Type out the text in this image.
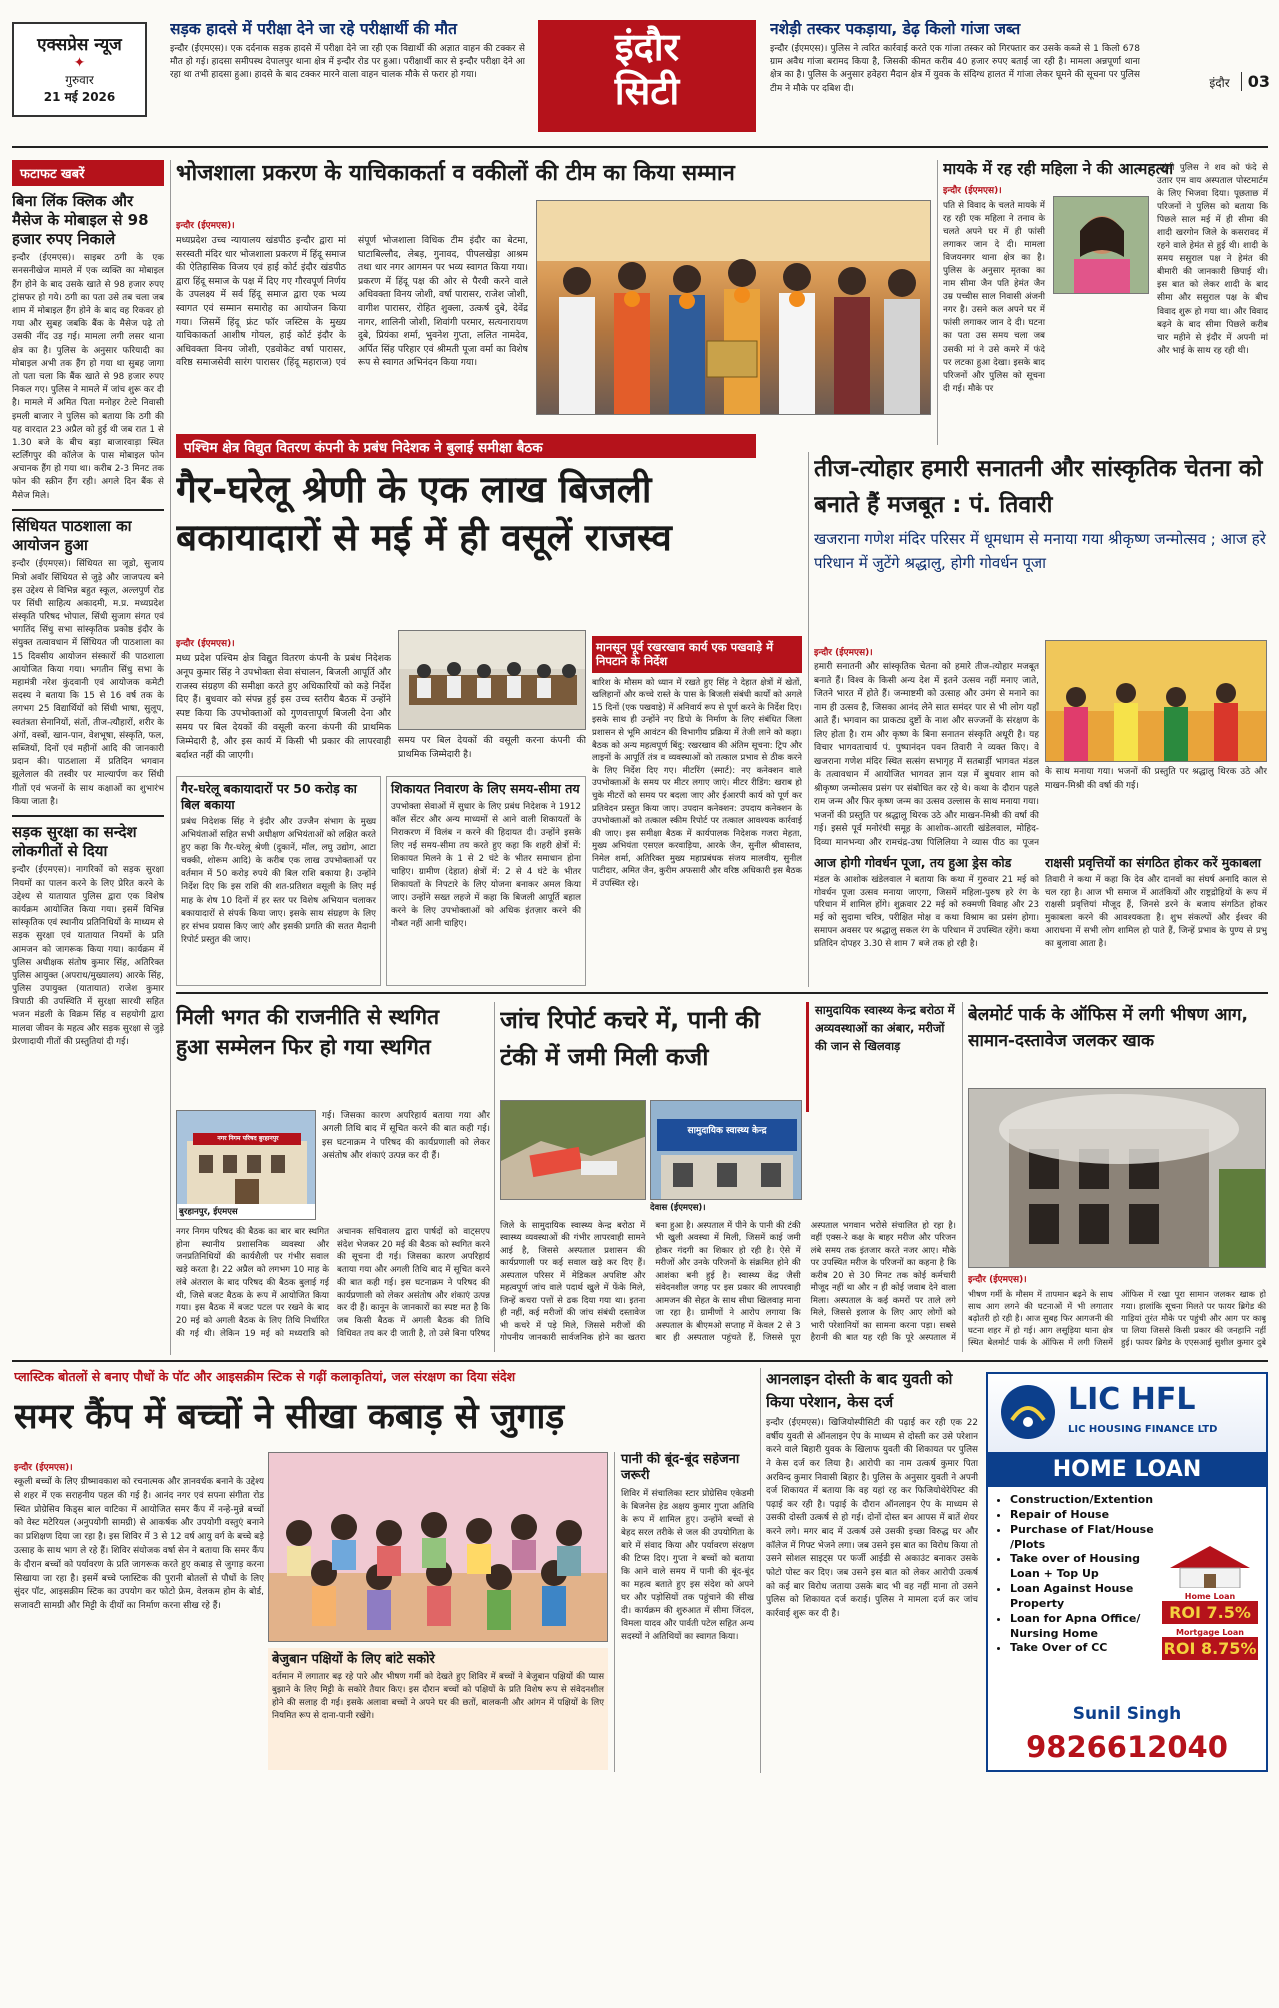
एक्सप्रेस न्यूज
✦
गुरुवार
21 मई 2026
सड़क हादसे में परीक्षा देने जा रहे परीक्षार्थी की मौत
इन्दौर (ईएमएस)। एक दर्दनाक सड़क हादसे में परीक्षा देने जा रही एक विद्यार्थी की अज्ञात वाहन की टक्कर से मौत हो गई। हादसा समीपस्थ देपालपुर थाना क्षेत्र में इन्दौर रोड पर हुआ। परीक्षार्थी कार से इन्दौर परीक्षा देने आ रहा था तभी हादसा हुआ। हादसे के बाद टक्कर मारने वाला वाहन चालक मौके से फरार हो गया।
इंदौर
सिटी
नशेड़ी तस्कर पकड़ाया, डेढ़ किलो गांजा जब्त
इन्दौर (ईएमएस)। पुलिस ने त्वरित कार्रवाई करते एक गांजा तस्कर को गिरफ्तार कर उसके कब्जे से 1 किलो 678 ग्राम अवैध गांजा बरामद किया है, जिसकी कीमत करीब 40 हजार रुपए बताई जा रही है। मामला अन्नपूर्णा थाना क्षेत्र का है। पुलिस के अनुसार हवेहरा मैदान क्षेत्र में युवक के संदिग्ध हालत में गांजा लेकर घूमने की सूचना पर पुलिस टीम ने मौके पर दबिश दी।	इंदौर 03
फटाफट खबरें
बिना लिंक क्लिक और मैसेज के मोबाइल से 98 हजार रुपए निकाले
इन्दौर (ईएमएस)। साइबर ठगी के एक सनसनीखेज मामले में एक व्यक्ति का मोबाइल हैंग होने के बाद उसके खाते से 98 हजार रुपए ट्रांसफर हो गये। ठगी का पता उसे तब चला जब शाम में मोबाइल हैंग होने के बाद वह रिकवर हो गया और सुबह जबकि बैंक के मैसेज पढ़े तो उसकी नींद उड़ गई। मामला लगी लसर थाना क्षेत्र का है। पुलिस के अनुसार फरियादी का मोबाइल अभी तक हैंग हो गया था सुबह जागा तो पता चला कि बैंक खाते से 98 हजार रुपए निकल गए। पुलिस ने मामले में जांच शुरू कर दी है। मामले में अमित पिता मनोहर टेल्टे निवासी इमली बाजार ने पुलिस को बताया कि ठगी की यह वारदात 23 अप्रैल को हुई थी जब रात 1 से 1.30 बजे के बीच बड़ा बाजारवाड़ा स्थित स्टर्लिंगपुर की कॉलेज के पास मोबाइल फोन अचानक हैंग हो गया था। करीब 2-3 मिनट तक फोन की स्क्रीन हैंग रही। अगले दिन बैंक से मैसेज मिले।
सिंधियत पाठशाला का आयोजन हुआ
इन्दौर (ईएमएस)। सिंधियत सा जूडो, सुजाय मित्रो अवॉर सिंधियत से जुड़े और जाजपत्य बने इस उद्देश्य से विभिन्न बहुत स्कूल, अल्लपुर्ण रोड पर सिंधी साहित्य अकादमी, म.प्र. मध्यप्रदेश संस्कृति परिषद भोपाल, सिंधी सुजाग संगत एवं भगतिंद सिंधु सभा सांस्कृतिक प्रकोष्ठ इंदौर के संयुक्त तत्वावधान में सिंधियत जी पाठशाला का 15 दिवसीय आयोजन संस्कारों की पाठशाला आयोजित किया गया। भगतीन सिंधु सभा के महामंत्री नरेश कुंदवानी एवं आयोजक कमेटी सदस्य ने बताया कि 15 से 16 वर्ष तक के लगभग 25 विद्यार्थियों को सिंधी भाषा, सुलूप, स्वतंत्रता सेनानियों, संतों, तीज-त्यौहारों, शरीर के अंगों, वस्त्रों, खान-पान, वेशभूषा, संस्कृति, फल, सब्जियों, दिनों एवं महीनों आदि की जानकारी प्रदान की। पाठशाला में प्रतिदिन भगवान झूलेलाल की तस्वीर पर माल्यार्पण कर सिंधी गीतों एवं भजनों के साथ कक्षाओं का शुभारंभ किया जाता है।
सड़क सुरक्षा का सन्देश लोकगीतों से दिया
इन्दौर (ईएमएस)। नागरिकों को सड़क सुरक्षा नियमों का पालन करने के लिए प्रेरित करने के उद्देश्य से यातायात पुलिस द्वारा एक विशेष कार्यक्रम आयोजित किया गया। इसमें विभिन्न सांस्कृतिक एवं स्थानीय प्रतिनिधियों के माध्यम से सड़क सुरक्षा एवं यातायात नियमों के प्रति आमजन को जागरूक किया गया। कार्यक्रम में पुलिस अधीक्षक संतोष कुमार सिंह, अतिरिक्त पुलिस आयुक्त (अपराध/मुख्यालय) आरके सिंह, पुलिस उपायुक्त (यातायात) राजेश कुमार त्रिपाठी की उपस्थिति में सुरक्षा सारथी सहित भजन मंडली के विक्रम सिंह व सहयोगी द्वारा मालवा जीवन के महत्व और सड़क सुरक्षा से जुड़े प्रेरणादायी गीतों की प्रस्तुतियां दी गई।
भोजशाला प्रकरण के याचिकाकर्ता व वकीलों की टीम का किया सम्मान
इन्दौर (ईएमएस)।
मध्यप्रदेश उच्च न्यायालय खंडपीठ इन्दौर द्वारा मां सरस्वती मंदिर धार भोजशाला प्रकरण में हिंदू समाज की ऐतिहासिक विजय एवं हाई कोर्ट इंदौर खंडपीठ द्वारा हिंदू समाज के पक्ष में दिए गए गौरवपूर्ण निर्णय के उपलक्ष्य में सर्व हिंदू समाज द्वारा एक भव्य स्वागत एवं सम्मान समारोह का आयोजन किया गया। जिसमें हिंदू फ्रंट फॉर जस्टिस के मुख्य याचिकाकर्ता आशीष गोयल, हाई कोर्ट इंदौर के अधिवक्ता विनय जोशी, एडवोकेट वर्षा पारासर, वरिष्ठ समाजसेवी सारंग पारासर (हिंदू महाराज) एवं संपूर्ण भोजशाला विधिक टीम इंदौर का बेटमा, घाटाबिल्लौद, लेबड़, गुनावद, पीपलखेड़ा आश्रम तथा धार नगर आगमन पर भव्य स्वागत किया गया। प्रकरण में हिंदू पक्ष की ओर से पैरवी करने वाले अधिवक्ता विनय जोशी, वर्षा पारासर, राजेश जोशी, वागीश पारासर, रोहित शुक्ला, उत्कर्ष दुबे, देवेंद्र नागर, शालिनी जोशी, शिवांगी परमार, सत्यनारायण दुबे, प्रियंका शर्मा, भुवनेश गुप्ता, ललित नामदेव, अर्पित सिंह परिहार एवं श्रीमती पूजा वर्मा का विशेष रूप से स्वागत अभिनंदन किया गया।
मायके में रह रही महिला ने की आत्महत्या
इन्दौर (ईएमएस)।
पति से विवाद के चलते मायके में रह रही एक महिला ने तनाव के चलते अपने घर में ही फांसी लगाकर जान दे दी। मामला विजयनगर थाना क्षेत्र का है। पुलिस के अनुसार मृतका का नाम सीमा जैन पति हेमंत जैन उम्र पच्चीस साल निवासी अंजनी नगर है। उसने कल अपने घर में फांसी लगाकर जान दे दी। घटना का पता उस समय चला जब उसकी मां ने उसे कमरे में फंदे पर लटका हुआ देखा। इसके बाद परिजनों और पुलिस को सूचना दी गई। मौके पर
पहुंची पुलिस ने शव को फंदे से उतार एम वाय अस्पताल पोस्टमार्टम के लिए भिजवा दिया। पूछताछ में परिजनों ने पुलिस को बताया कि पिछले साल मई में ही सीमा की शादी खरगोन जिले के कसरावद में रहने वाले हेमंत से हुई थी। शादी के समय ससुराल पक्ष ने हेमंत की बीमारी की जानकारी छिपाई थी। इस बात को लेकर शादी के बाद सीमा और ससुराल पक्ष के बीच विवाद शुरू हो गया था। और विवाद बढ़ने के बाद सीमा पिछले करीब चार महीने से इंदौर में अपनी मां और भाई के साथ रह रही थी।
पश्चिम क्षेत्र विद्युत वितरण कंपनी के प्रबंध निदेशक ने बुलाई समीक्षा बैठक
गैर-घरेलू श्रेणी के एक लाख बिजली बकायादारों से मई में ही वसूलें राजस्व
इन्दौर (ईएमएस)।
मध्य प्रदेश पश्चिम क्षेत्र विद्युत वितरण कंपनी के प्रबंध निदेशक अनूप कुमार सिंह ने उपभोक्ता सेवा संचालन, बिजली आपूर्ति और राजस्व संग्रहण की समीक्षा करते हुए अधिकारियों को कड़े निर्देश दिए हैं। बुधवार को संपन्न हुई इस उच्च स्तरीय बैठक में उन्होंने स्पष्ट किया कि उपभोक्ताओं को गुणवत्तापूर्ण बिजली देना और समय पर बिल देयकों की वसूली करना कंपनी की प्राथमिक जिम्मेदारी है, और इस कार्य में किसी भी प्रकार की लापरवाही बर्दाश्त नहीं की जाएगी।
समय पर बिल देयकों की वसूली करना कंपनी की प्राथमिक जिम्मेदारी है।
गैर-घरेलू बकायादारों पर 50 करोड़ का बिल बकाया
प्रबंध निदेशक सिंह ने इंदौर और उज्जैन संभाग के मुख्य अभियंताओं सहित सभी अधीक्षण अभियंताओं को लक्षित करते हुए कहा कि गैर-घरेलू श्रेणी (दुकानें, मॉल, लघु उद्योग, आटा चक्की, शोरूम आदि) के करीब एक लाख उपभोक्ताओं पर वर्तमान में 50 करोड़ रुपये की बिल राशि बकाया है। उन्होंने निर्देश दिए कि इस राशि की शत-प्रतिशत वसूली के लिए मई माह के शेष 10 दिनों में हर स्तर पर विशेष अभियान चलाकर बकायादारों से संपर्क किया जाए। इसके साथ संग्रहण के लिए हर संभव प्रयास किए जाएं और इसकी प्रगति की सतत मैदानी रिपोर्ट प्रस्तुत की जाए।
शिकायत निवारण के लिए समय-सीमा तय
उपभोक्ता सेवाओं में सुधार के लिए प्रबंध निदेशक ने 1912 कॉल सेंटर और अन्य माध्यमों से आने वाली शिकायतों के निराकरण में विलंब न करने की हिदायत दी। उन्होंने इसके लिए नई समय-सीमा तय करते हुए कहा कि शहरी क्षेत्रों में: शिकायत मिलने के 1 से 2 घंटे के भीतर समाधान होना चाहिए। ग्रामीण (देहात) क्षेत्रों में: 2 से 4 घंटे के भीतर शिकायतों के निपटारे के लिए योजना बनाकर अमल किया जाए। उन्होंने सख्त लहजे में कहा कि बिजली आपूर्ति बहाल करने के लिए उपभोक्ताओं को अधिक इंतज़ार करने की नौबत नहीं आनी चाहिए।
मानसून पूर्व रखरखाव कार्य एक पखवाड़े में निपटाने के निर्देश
बारिश के मौसम को ध्यान में रखते हुए सिंह ने देहात क्षेत्रों में खेतों, खलिहानों और कच्चे रास्ते के पास के बिजली संबंधी कार्यों को अगले 15 दिनों (एक पखवाड़े) में अनिवार्य रूप से पूर्ण करने के निर्देश दिए। इसके साथ ही उन्होंने नए डिपो के निर्माण के लिए संबंधित जिला प्रशासन से भूमि आवंटन की विभागीय प्रक्रिया में तेजी लाने को कहा। बैठक को अन्य महत्वपूर्ण बिंदु: रखरखाव की अंतिम सूचना: ट्रिप और लाइनों के आपूर्ति तंत्र व व्यवस्थाओं को तत्काल प्रभाव से ठीक करने के लिए निर्देश दिए गए। मीटरिंग (स्मार्ट): नए कनेक्शन वाले उपभोक्ताओं के समय पर मीटर लगाए जाएं। मीटर रीडिंग: खराब हो चुके मीटरों को समय पर बदला जाए और ईआरपी कार्य को पूर्ण कर प्रतिवेदन प्रस्तुत किया जाए। उपदान कनेक्शन: उपदाय कनेक्शन के उपभोक्ताओं को तत्काल स्कीम रिपोर्ट पर तत्काल आवश्यक कार्रवाई की जाए। इस समीक्षा बैठक में कार्यपालक निदेशक गजरा मेहता, मुख्य अभियंता एसएल करवाड़िया, आरके जैन, सुनील श्रीवास्तव, निमेल शर्मा, अतिरिक्त मुख्य महाप्रबंधक संजय मालवीय, सुनील पाटीदार, अमित जैन, कुरीम अफसारी और वरिष्ठ अधिकारी इस बैठक में उपस्थित रहे।
तीज-त्योहार हमारी सनातनी और सांस्कृतिक चेतना को बनाते हैं मजबूत : पं. तिवारी
खजराना गणेश मंदिर परिसर में धूमधाम से मनाया गया श्रीकृष्ण जन्मोत्सव ; आज हरे परिधान में जुटेंगे श्रद्धालु, होगी गोवर्धन पूजा
इन्दौर (ईएमएस)।
हमारी सनातनी और सांस्कृतिक चेतना को हमारे तीज-त्योहार मजबूत बनाते हैं। विश्व के किसी अन्य देश में इतने उत्सव नहीं मनाए जाते, जितने भारत में होते हैं। जन्माष्टमी को उत्साह और उमंग से मनाने का नाम ही उत्सव है, जिसका आनंद लेने सात समंदर पार से भी लोग यहाँ आते हैं। भगवान का प्राकट्य दुष्टों के नाश और सज्जनों के संरक्षण के लिए होता है। राम और कृष्ण के बिना सनातन संस्कृति अधूरी है। यह विचार भागवताचार्य पं. पुष्पानंदन पवन तिवारी ने व्यक्त किए। वे खजराना गणेश मंदिर स्थित सत्संग सभागृह में सतबार्ड़ी भागवत मंडल के तत्वावधान में आयोजित भागवत ज्ञान यज्ञ में बुधवार शाम को श्रीकृष्ण जन्मोत्सव प्रसंग पर संबोधित कर रहे थे। कथा के दौरान पहले राम जन्म और फिर कृष्ण जन्म का उत्सव उल्लास के साथ मनाया गया। भजनों की प्रस्तुति पर श्रद्धालु थिरक उठे और माखन-मिश्री की वर्षा की गई। इससे पूर्व मनोरंथी समूह के आशोक-आरती खंडेलवाल, मोहिद-दिव्या मानभन्या और रामचंद्र-उषा पिलिलिया ने व्यास पीठ का पूजन
के साथ मनाया गया। भजनों की प्रस्तुति पर श्रद्धालु थिरक उठे और माखन-मिश्री की वर्षा की गई।
आज होगी गोवर्धन पूजा, तय हुआ ड्रेस कोड
मंडल के आशोक खंडेलवाल ने बताया कि कथा में गुरुवार 21 मई को गोवर्धन पूजा उत्सव मनाया जाएगा, जिसमें महिला-पुरुष हरे रंग के परिधान में शामिल होंगे। शुक्रवार 22 मई को रुक्मणी विवाह और 23 मई को सुदामा चरित्र, परीक्षित मोक्ष व कथा विश्राम का प्रसंग होगा। समापन अवसर पर श्रद्धालु सकल रंग के परिधान में उपस्थित रहेंगे। कथा प्रतिदिन दोपहर 3.30 से शाम 7 बजे तक हो रही है।
राक्षसी प्रवृत्तियों का संगठित होकर करें मुकाबला
तिवारी ने कथा में कहा कि देव और दानवों का संघर्ष अनादि काल से चल रहा है। आज भी समाज में आतंकियों और राष्ट्रद्रोहियों के रूप में राक्षसी प्रवृत्तियां मौजूद हैं, जिनसे डरने के बजाय संगठित होकर मुकाबला करने की आवश्यकता है। शुभ संकल्पों और ईश्वर की आराधना में सभी लोग शामिल हो पाते हैं, जिन्हें प्रभाव के पुण्य से प्रभु का बुलावा आता है।
मिली भगत की राजनीति से स्थगित हुआ सम्मेलन फिर हो गया स्थगित
नगर निगम परिषद बुरहानपुर
बुरहानपुर, ईएमएस
गई। जिसका कारण अपरिहार्य बताया गया और अगली तिथि बाद में सूचित करने की बात कही गई। इस घटनाक्रम ने परिषद की कार्यप्रणाली को लेकर असंतोष और शंकाएं उत्पन्न कर दी हैं।
नगर निगम परिषद की बैठक का बार बार स्थगित होना स्थानीय प्रशासनिक व्यवस्था और जनप्रतिनिधियों की कार्यशैली पर गंभीर सवाल खड़े करता है। 22 अप्रैल को लगभग 10 माह के लंबे अंतराल के बाद परिषद की बैठक बुलाई गई थी, जिसे बजट बैठक के रूप में आयोजित किया गया। इस बैठक में बजट पटल पर रखने के बाद 20 मई को अगली बैठक के लिए तिथि निर्धारित की गई थी। लेकिन 19 मई को मध्यरात्रि को अचानक सचिवालय द्वारा पार्षदों को वाट्सएप संदेश भेजकर 20 मई की बैठक को स्थगित करने की सूचना दी गई। जिसका कारण अपरिहार्य बताया गया और अगली तिथि बाद में सूचित करने की बात कही गई। इस घटनाक्रम ने परिषद की कार्यप्रणाली को लेकर असंतोष और शंकाएं उत्पन्न कर दी हैं। कानून के जानकारों का स्पष्ट मत है कि जब किसी बैठक में अगली बैठक की तिथि विधिवत तय कर दी जाती है, तो उसे बिना परिषद
जांच रिपोर्ट कचरे में, पानी की टंकी में जमी मिली कजी
सामुदायिक स्वास्थ्य केन्द्र बरोठा में अव्यवस्थाओं का अंबार, मरीजों की जान से खिलवाड़
सामुदायिक स्वास्थ्य केन्द्र
देवास (ईएमएस)।
जिले के सामुदायिक स्वास्थ्य केन्द्र बरोठा में स्वास्थ्य व्यवस्थाओं की गंभीर लापरवाही सामने आई है, जिससे अस्पताल प्रशासन की कार्यप्रणाली पर कई सवाल खड़े कर दिए हैं। अस्पताल परिसर में मेडिकल अपशिष्ट और महत्वपूर्ण जांच वाले पदार्थ खुले में फेंके मिले, जिन्हें कचरा पत्तों से ढक दिया गया था। इतना ही नहीं, कई मरीजों की जांच संबंधी दस्तावेज भी कचरे में पड़े मिले, जिससे मरीजों की गोपनीय जानकारी सार्वजनिक होने का खतरा बना हुआ है। अस्पताल में पीने के पानी की टंकी भी खुली अवस्था में मिली, जिसमें काई जमी होकर गंदगी का शिकार हो रही है। ऐसे में मरीजों और उनके परिजनों के संक्रमित होने की आशंका बनी हुई है। स्वास्थ्य केंद्र जैसी संवेदनशील जगह पर इस प्रकार की लापरवाही आमजन की सेहत के साथ सीधा खिलवाड़ माना जा रहा है। ग्रामीणों ने आरोप लगाया कि अस्पताल के बीएमओ सप्ताह में केवल 2 से 3 बार ही अस्पताल पहुंचते हैं, जिससे पूरा अस्पताल भगवान भरोसे संचालित हो रहा है। वहीं एक्स-रे कक्ष के बाहर मरीज और परिजन लंबे समय तक इंतजार करते नजर आए। मौके पर उपस्थित मरीज के परिजनों का कहना है कि करीब 20 से 30 मिनट तक कोई कर्मचारी मौजूद नहीं था और न ही कोई जवाब देने वाला मिला। अस्पताल के कई कमरों पर ताले लगे मिले, जिससे इलाज के लिए आए लोगों को भारी परेशानियों का सामना करना पड़ा। सबसे हैरानी की बात यह रही कि पूरे अस्पताल में
बेलमोर्ट पार्क के ऑफिस में लगी भीषण आग, सामान-दस्तावेज जलकर खाक
इन्दौर (ईएमएस)।
भीषण गर्मी के मौसम में तापमान बढ़ने के साथ साथ आग लगने की घटनाओं में भी लगातार बढ़ोतरी हो रही है। आज सुबह फिर आगजनी की घटना शहर में हो गई। आग लसूड़िया थाना क्षेत्र स्थित बेलमोर्ट पार्क के ऑफिस में लगी जिसमें ऑफिस में रखा पूरा सामान जलकर खाक हो गया। हालांकि सूचना मिलते पर फायर ब्रिगेड की गाड़ियां तुरंत मौके पर पहुंची और आग पर काबू पा लिया जिससे किसी प्रकार की जनहानि नहीं हुई। फायर ब्रिगेड के एएसआई सुशील कुमार दुबे
प्लास्टिक बोतलों से बनाए पौधों के पॉट और आइसक्रीम स्टिक से गढ़ीं कलाकृतियां, जल संरक्षण का दिया संदेश
समर कैंप में बच्चों ने सीखा कबाड़ से जुगाड़
इन्दौर (ईएमएस)।
स्कूली बच्चों के लिए ग्रीष्मावकाश को रचनात्मक और ज्ञानवर्धक बनाने के उद्देश्य से शहर में एक सराहनीय पहल की गई है। आनंद नगर एवं सपना संगीता रोड स्थित प्रोग्रेसिव किड्स बाल वाटिका में आयोजित समर कैंप में नन्हे-मुन्ने बच्चों को वेस्ट मटेरियल (अनुपयोगी सामग्री) से आकर्षक और उपयोगी वस्तुएं बनाने का प्रशिक्षण दिया जा रहा है। इस शिविर में 3 से 12 वर्ष आयु वर्ग के बच्चे बड़े उत्साह के साथ भाग ले रहे हैं। शिविर संयोजक वर्षा सेन ने बताया कि समर कैंप के दौरान बच्चों को पर्यावरण के प्रति जागरूक करते हुए कबाड़ से जुगाड़ करना सिखाया जा रहा है। इसमें बच्चे प्लास्टिक की पुरानी बोतलों से पौधों के लिए सुंदर पॉट, आइसक्रीम स्टिक का उपयोग कर फोटो फ्रेम, वेलकम होम के बोर्ड, सजावटी सामग्री और मिट्टी के दीयों का निर्माण करना सीख रहे हैं।
पानी की बूंद-बूंद सहेजना जरूरी
शिविर में संचालिका स्टार प्रोग्रेसिव एकेडमी के बिजनेस हेड अक्षय कुमार गुप्ता अतिथि के रूप में शामिल हुए। उन्होंने बच्चों से बेहद सरल तरीके से जल की उपयोगिता के बारे में संवाद किया और पर्यावरण संरक्षण की टिप्स दिए। गुप्ता ने बच्चों को बताया कि आने वाले समय में पानी की बूंद-बूंद का महत्व बताते हुए इस संदेश को अपने घर और पड़ोसियों तक पहुंचाने की सीख दी। कार्यक्रम की शुरुआत में सीमा जिंदल, विमला यादव और पार्वती पटेल सहित अन्य सदस्यों ने अतिथियों का स्वागत किया।
बेजुबान पक्षियों के लिए बांटे सकोरे
वर्तमान में लगातार बढ़ रहे पारे और भीषण गर्मी को देखते हुए शिविर में बच्चों ने बेजुबान पक्षियों की प्यास बुझाने के लिए मिट्टी के सकोरे तैयार किए। इस दौरान बच्चों को पक्षियों के प्रति विशेष रूप से संवेदनशील होने की सलाह दी गई। इसके अलावा बच्चों ने अपने घर की छतों, बालकनी और आंगन में पक्षियों के लिए नियमित रूप से दाना-पानी रखेंगे।
आनलाइन दोस्ती के बाद युवती को किया परेशान, केस दर्ज
इन्दौर (ईएमएस)। खिजियोस्पीसिटी की पढ़ाई कर रही एक 22 वर्षीय युवती से ऑनलाइन ऐप के माध्यम से दोस्ती कर उसे परेशान करने वाले बिहारी युवक के खिलाफ युवती की शिकायत पर पुलिस ने केस दर्ज कर लिया है। आरोपी का नाम उत्कर्ष कुमार पिता अरविन्द कुमार निवासी बिहार है। पुलिस के अनुसार युवती ने अपनी दर्ज शिकायत में बताया कि वह यहां रह कर फिजियोथेरेपिस्ट की पढ़ाई कर रही है। पढ़ाई के दौरान ऑनलाइन ऐप के माध्यम से उसकी दोस्ती उत्कर्ष से हो गई। दोनों दोस्त बन आपस में बातें शेयर करने लगे। मगर बाद में उत्कर्ष उसे उसकी इच्छा विरुद्ध घर और कॉलेज में गिफ्ट भेजने लगा। जब उसने इस बात का विरोध किया तो उसने सोशल साइट्स पर फर्जी आईडी से अकाउंट बनाकर उसके फोटो पोस्ट कर दिए। जब उसने इस बात को लेकर आरोपी उत्कर्ष को कई बार विरोध जताया उसके बाद भी वह नहीं माना तो उसने पुलिस को शिकायत दर्ज कराई। पुलिस ने मामला दर्ज कर जांच कार्रवाई शुरू कर दी है।
LIC HFL
LIC HOUSING FINANCE LTD
HOME LOAN
• Construction/Extention
• Repair of House
• Purchase of Flat/House /Plots
• Take over of Housing Loan + Top Up
• Loan Against House Property
• Loan for Apna Office/ Nursing Home
• Take Over of CC
Home Loan
ROI 7.5%
Mortgage Loan
ROI 8.75%
Sunil Singh
9826612040
